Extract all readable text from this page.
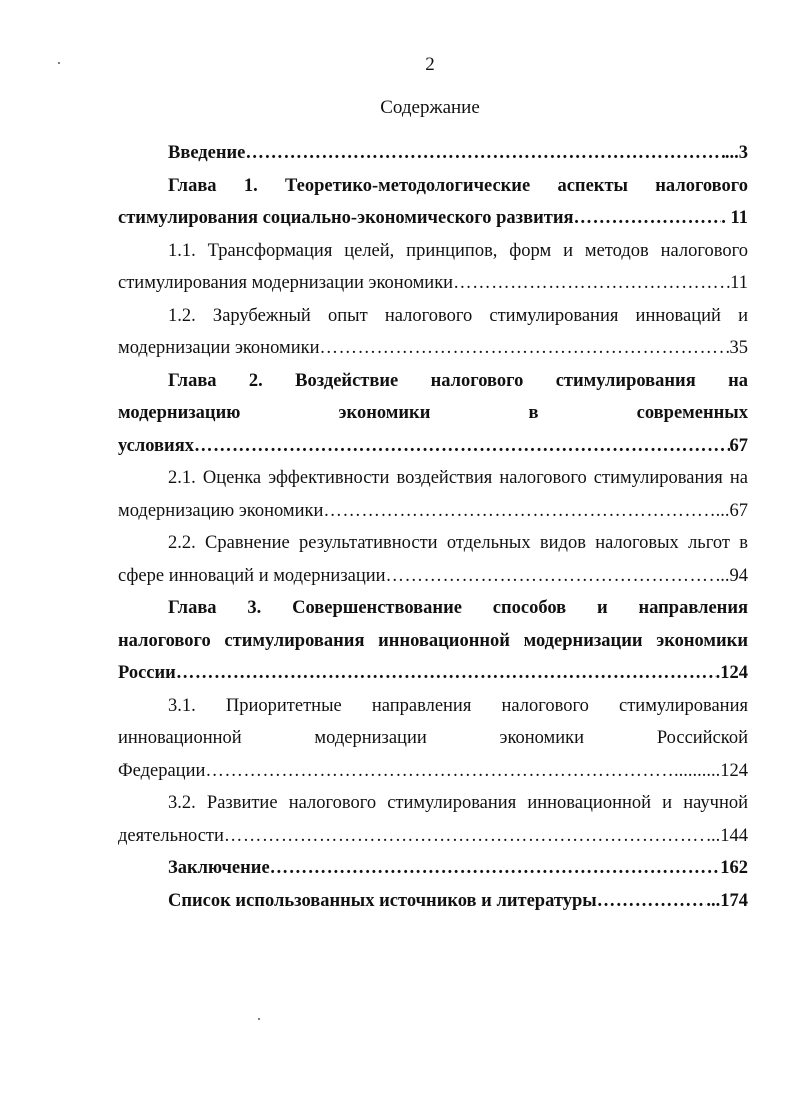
2
Содержание
Введение …………………………………………………………………………………………………………………………………………………………………………………………	...3
Глава 1. Теоретико-методологические аспекты налогового
стимулирования социально-экономического развития …………………………………………………………………………………………………………………………………………………………………………………………	. 11
1.1. Трансформация целей, принципов, форм и методов налогового
стимулирования модернизации экономики …………………………………………………………………………………………………………………………………………………………………………………………	11
1.2. Зарубежный опыт налогового стимулирования инноваций и
модернизации экономики …………………………………………………………………………………………………………………………………………………………………………………………	35
Глава 2. Воздействие налогового стимулирования на
модернизацию экономики в современных
условиях …………………………………………………………………………………………………………………………………………………………………………………………	67
2.1. Оценка эффективности воздействия налогового стимулирования на
модернизацию экономики …………………………………………………………………………………………………………………………………………………………………………………………	...67
2.2. Сравнение результативности отдельных видов налоговых льгот в
сфере инноваций и модернизации …………………………………………………………………………………………………………………………………………………………………………………………	...94
Глава 3. Совершенствование способов и направления
налогового стимулирования инновационной модернизации экономики
России …………………………………………………………………………………………………………………………………………………………………………………………	.124
3.1. Приоритетные направления налогового стимулирования
инновационной модернизации экономики Российской
Федерации …………………………………………………………………………………………………………………………………………………………………………………………	..........124
3.2. Развитие налогового стимулирования инновационной и научной
деятельности …………………………………………………………………………………………………………………………………………………………………………………………	...144
Заключение …………………………………………………………………………………………………………………………………………………………………………………………	162
Список использованных источников и литературы …………………………………………………………………………………………………………………………………………………………………………………………	...174
